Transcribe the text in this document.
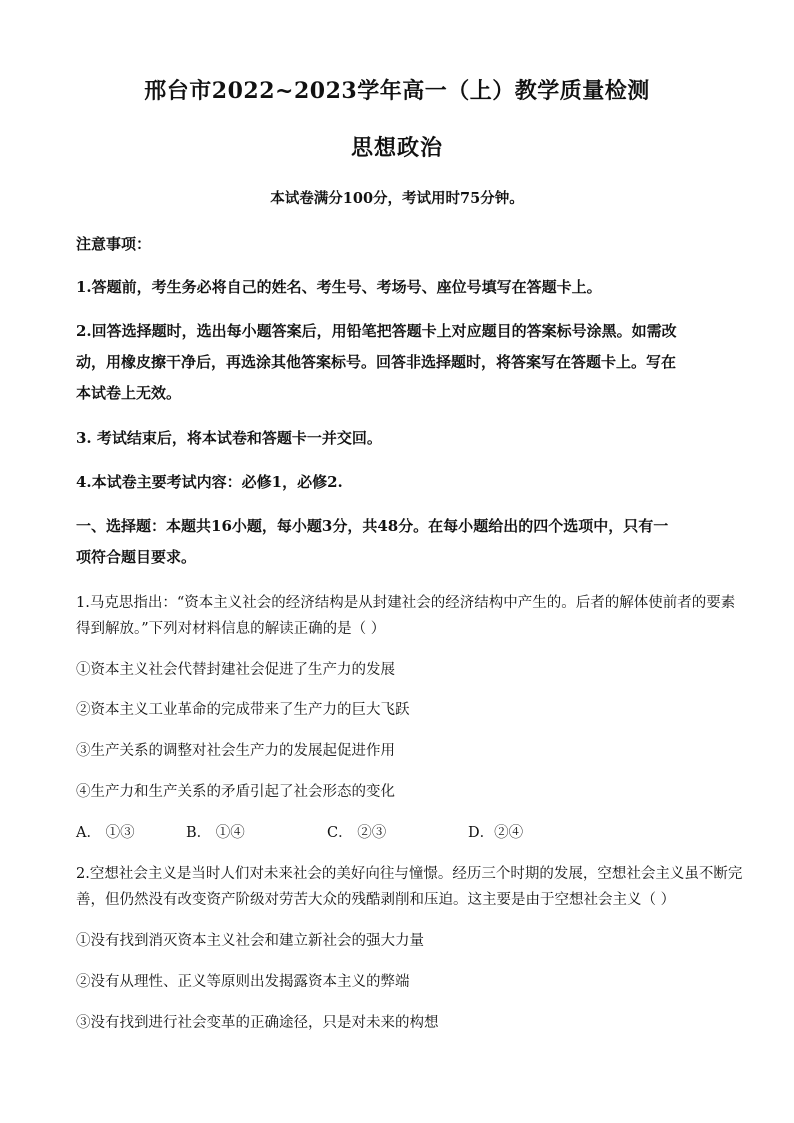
邢台市2022~2023学年高一（上）教学质量检测
思想政治
本试卷满分100分，考试用时75分钟。
注意事项：
1.答题前，考生务必将自己的姓名、考生号、考场号、座位号填写在答题卡上。
2.回答选择题时，选出每小题答案后，用铅笔把答题卡上对应题目的答案标号涂黑。如需改
动，用橡皮擦干净后，再选涂其他答案标号。回答非选择题时，将答案写在答题卡上。写在
本试卷上无效。
3. 考试结束后，将本试卷和答题卡一并交回。
4.本试卷主要考试内容：必修1，必修2.
一、选择题：本题共16小题，每小题3分，共48分。在每小题给出的四个选项中，只有一
项符合题目要求。
1.马克思指出：“资本主义社会的经济结构是从封建社会的经济结构中产生的。后者的解体使前者的要素
得到解放。”下列对材料信息的解读正确的是（ ）
①资本主义社会代替封建社会促进了生产力的发展
②资本主义工业革命的完成带来了生产力的巨大飞跃
③生产关系的调整对社会生产力的发展起促进作用
④生产力和生产关系的矛盾引起了社会形态的变化
A． ①③	B． ①④	C． ②③	D．②④
2.空想社会主义是当时人们对未来社会的美好向往与憧憬。经历三个时期的发展，空想社会主义虽不断完
善，但仍然没有改变资产阶级对劳苦大众的残酷剥削和压迫。这主要是由于空想社会主义（ ）
①没有找到消灭资本主义社会和建立新社会的强大力量
②没有从理性、正义等原则出发揭露资本主义的弊端
③没有找到进行社会变革的正确途径，只是对未来的构想
